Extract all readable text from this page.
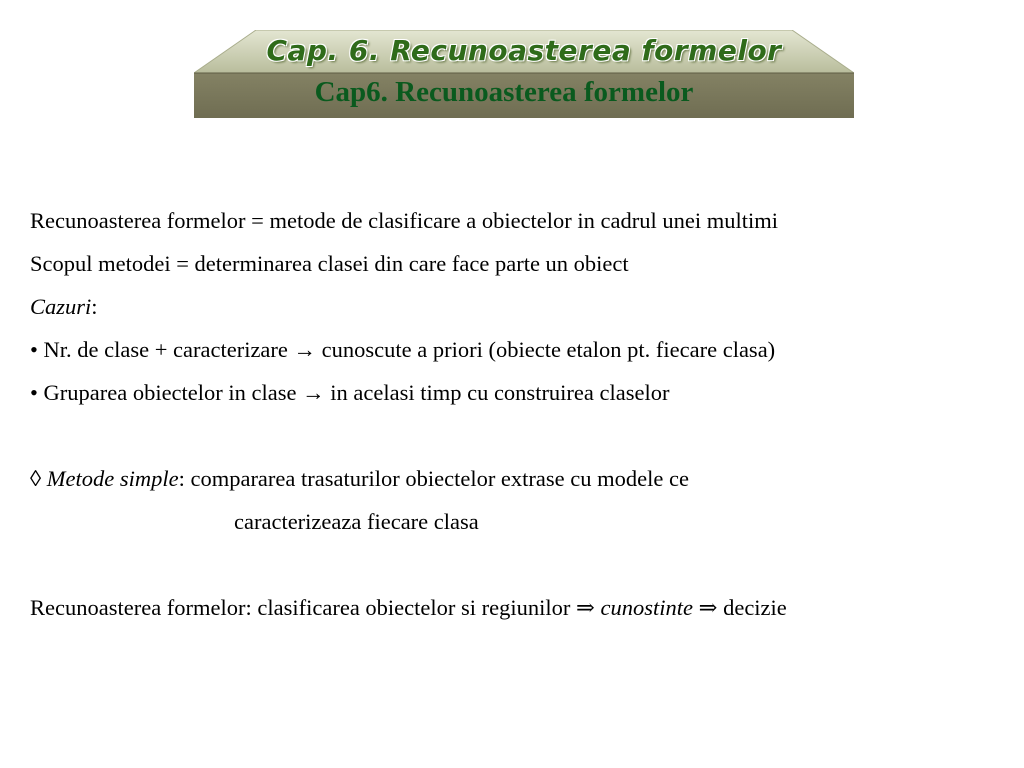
Cap. 6. Recunoasterea formelor
Cap6. Recunoasterea formelor
Recunoasterea formelor = metode de clasificare a obiectelor in cadrul unei multimi
Scopul metodei = determinarea clasei din care face parte un obiect
Cazuri:
• Nr. de clase + caracterizare → cunoscute a priori (obiecte etalon pt. fiecare clasa)
• Gruparea obiectelor in clase → in acelasi timp cu construirea claselor
◊ Metode simple: compararea trasaturilor obiectelor extrase cu modele ce
caracterizeaza fiecare clasa
Recunoasterea formelor: clasificarea obiectelor si regiunilor ⇒ cunostinte ⇒ decizie
